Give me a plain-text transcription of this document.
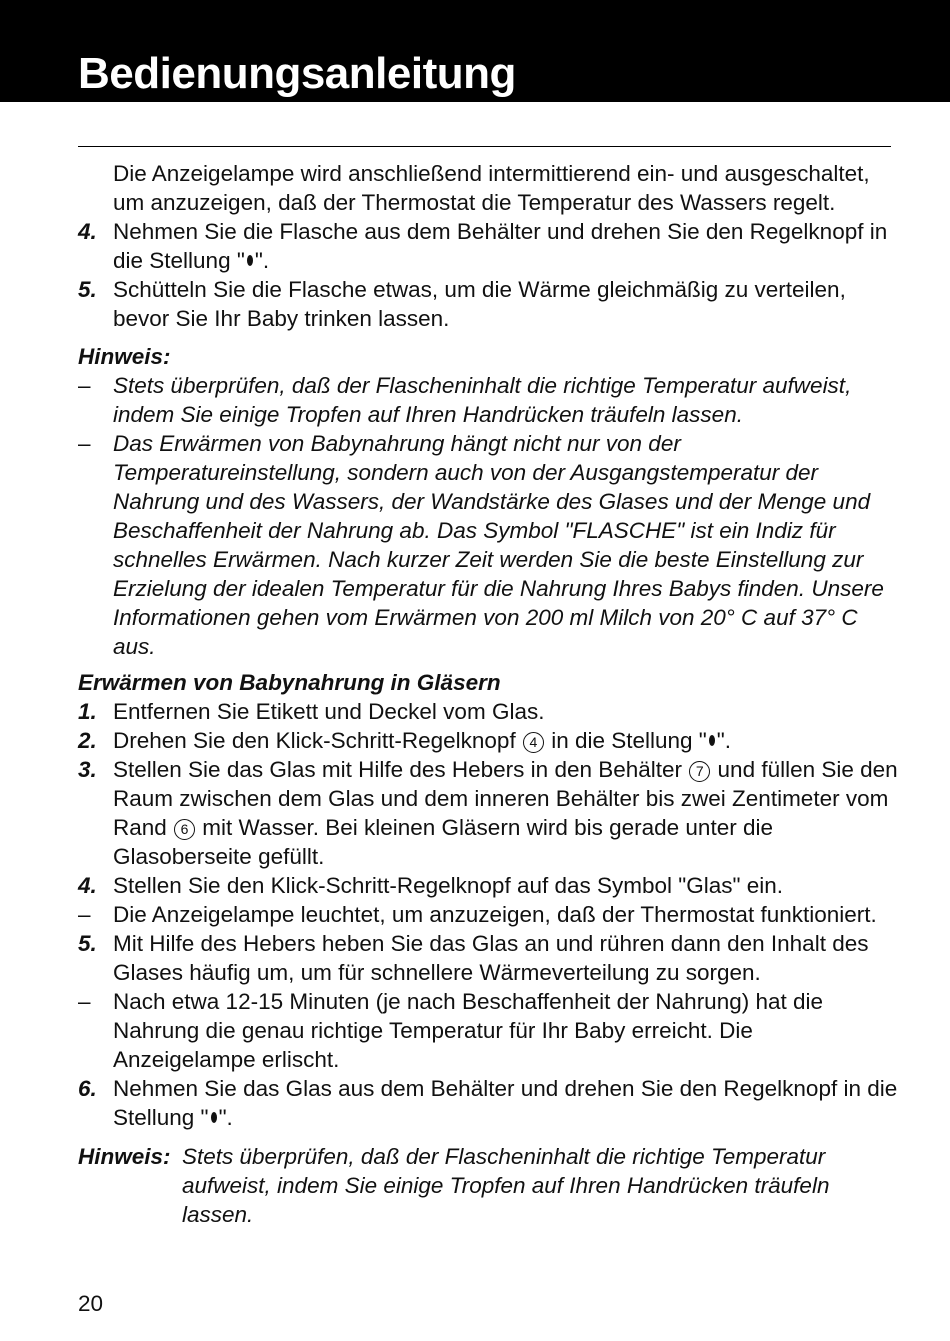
Bedienungsanleitung
Die Anzeigelampe wird anschließend intermittierend ein- und ausgeschaltet, um anzuzeigen, daß der Thermostat die Temperatur des Wassers regelt.
4. Nehmen Sie die Flasche aus dem Behälter und drehen Sie den Regelknopf in die Stellung " ".
5. Schütteln Sie die Flasche etwas, um die Wärme gleichmäßig zu verteilen, bevor Sie Ihr Baby trinken lassen.
Hinweis:
– Stets überprüfen, daß der Flascheninhalt die richtige Temperatur aufweist, indem Sie einige Tropfen auf Ihren Handrücken träufeln lassen.
– Das Erwärmen von Babynahrung hängt nicht nur von der Temperatureinstellung, sondern auch von der Ausgangstemperatur der Nahrung und des Wassers, der Wandstärke des Glases und der Menge und Beschaffenheit der Nahrung ab. Das Symbol "FLASCHE" ist ein Indiz für schnelles Erwärmen. Nach kurzer Zeit werden Sie die beste Einstellung zur Erzielung der idealen Temperatur für die Nahrung Ihres Babys finden. Unsere Informationen gehen vom Erwärmen von 200 ml Milch von 20° C auf 37° C aus.
Erwärmen von Babynahrung in Gläsern
1. Entfernen Sie Etikett und Deckel vom Glas.
2. Drehen Sie den Klick-Schritt-Regelknopf 4 in die Stellung " ".
3. Stellen Sie das Glas mit Hilfe des Hebers in den Behälter 7 und füllen Sie den Raum zwischen dem Glas und dem inneren Behälter bis zwei Zentimeter vom Rand 6 mit Wasser. Bei kleinen Gläsern wird bis gerade unter die Glasoberseite gefüllt.
4. Stellen Sie den Klick-Schritt-Regelknopf auf das Symbol "Glas" ein.
– Die Anzeigelampe leuchtet, um anzuzeigen, daß der Thermostat funktioniert.
5. Mit Hilfe des Hebers heben Sie das Glas an und rühren dann den Inhalt des Glases häufig um, um für schnellere Wärmeverteilung zu sorgen.
– Nach etwa 12-15 Minuten (je nach Beschaffenheit der Nahrung) hat die Nahrung die genau richtige Temperatur für Ihr Baby erreicht. Die Anzeigelampe erlischt.
6. Nehmen Sie das Glas aus dem Behälter und drehen Sie den Regelknopf in die Stellung " ".
Hinweis: Stets überprüfen, daß der Flascheninhalt die richtige Temperatur aufweist, indem Sie einige Tropfen auf Ihren Handrücken träufeln lassen.
20
